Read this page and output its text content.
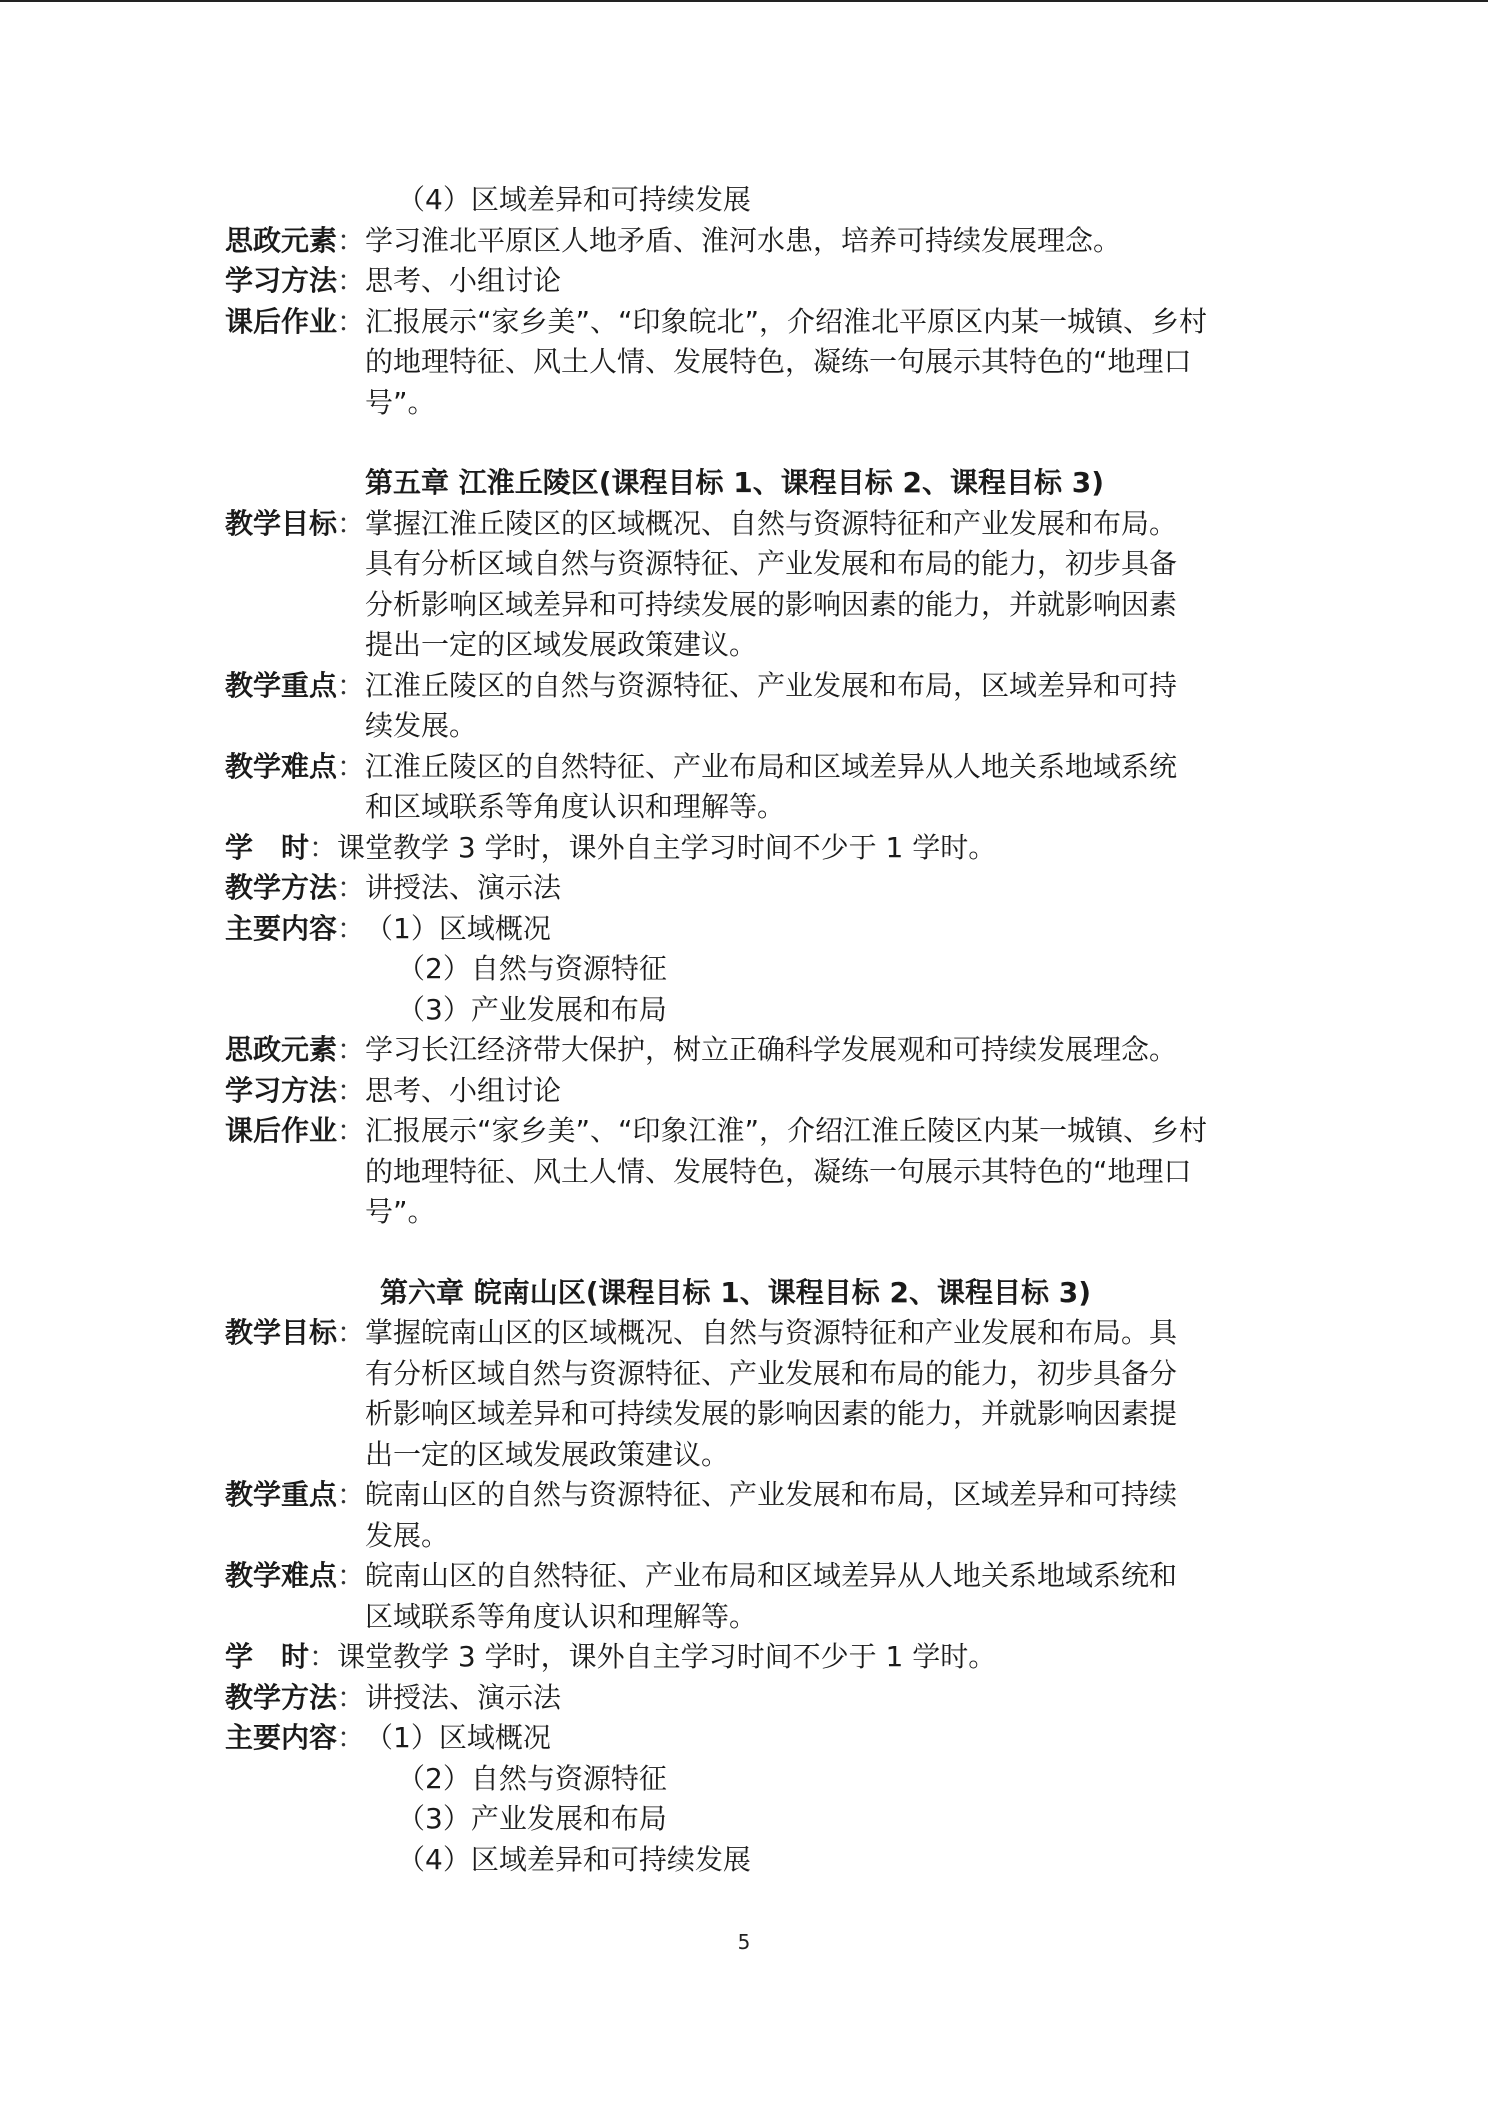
（4）区域差异和可持续发展
思政元素 ： 学习淮北平原区人地矛盾、淮河水患，培养可持续发展理念。
学习方法 ： 思考、小组讨论
课后作业 ： 汇报展示“家乡美”、“印象皖北”，介绍淮北平原区内某一城镇、乡村
的地理特征、风土人情、发展特色，凝练一句展示其特色的“地理口
号”。
第五章 江淮丘陵区(课程目标 1、课程目标 2、课程目标 3)
教学目标 ： 掌握江淮丘陵区的区域概况、自然与资源特征和产业发展和布局。
具有分析区域自然与资源特征、产业发展和布局的能力，初步具备
分析影响区域差异和可持续发展的影响因素的能力，并就影响因素
提出一定的区域发展政策建议。
教学重点 ： 江淮丘陵区的自然与资源特征、产业发展和布局，区域差异和可持
续发展。
教学难点 ： 江淮丘陵区的自然特征、产业布局和区域差异从人地关系地域系统
和区域联系等角度认识和理解等。
学　时 ： 课堂教学 3 学时，课外自主学习时间不少于 1 学时。
教学方法 ： 讲授法、演示法
主要内容 ： （1）区域概况
（2）自然与资源特征
（3）产业发展和布局
思政元素 ： 学习长江经济带大保护，树立正确科学发展观和可持续发展理念。
学习方法 ： 思考、小组讨论
课后作业 ： 汇报展示“家乡美”、“印象江淮”，介绍江淮丘陵区内某一城镇、乡村
的地理特征、风土人情、发展特色，凝练一句展示其特色的“地理口
号”。
第六章 皖南山区(课程目标 1、课程目标 2、课程目标 3)
教学目标 ： 掌握皖南山区的区域概况、自然与资源特征和产业发展和布局。具
有分析区域自然与资源特征、产业发展和布局的能力，初步具备分
析影响区域差异和可持续发展的影响因素的能力，并就影响因素提
出一定的区域发展政策建议。
教学重点 ： 皖南山区的自然与资源特征、产业发展和布局，区域差异和可持续
发展。
教学难点 ： 皖南山区的自然特征、产业布局和区域差异从人地关系地域系统和
区域联系等角度认识和理解等。
学　时 ： 课堂教学 3 学时，课外自主学习时间不少于 1 学时。
教学方法 ： 讲授法、演示法
主要内容 ： （1）区域概况
（2）自然与资源特征
（3）产业发展和布局
（4）区域差异和可持续发展
5
